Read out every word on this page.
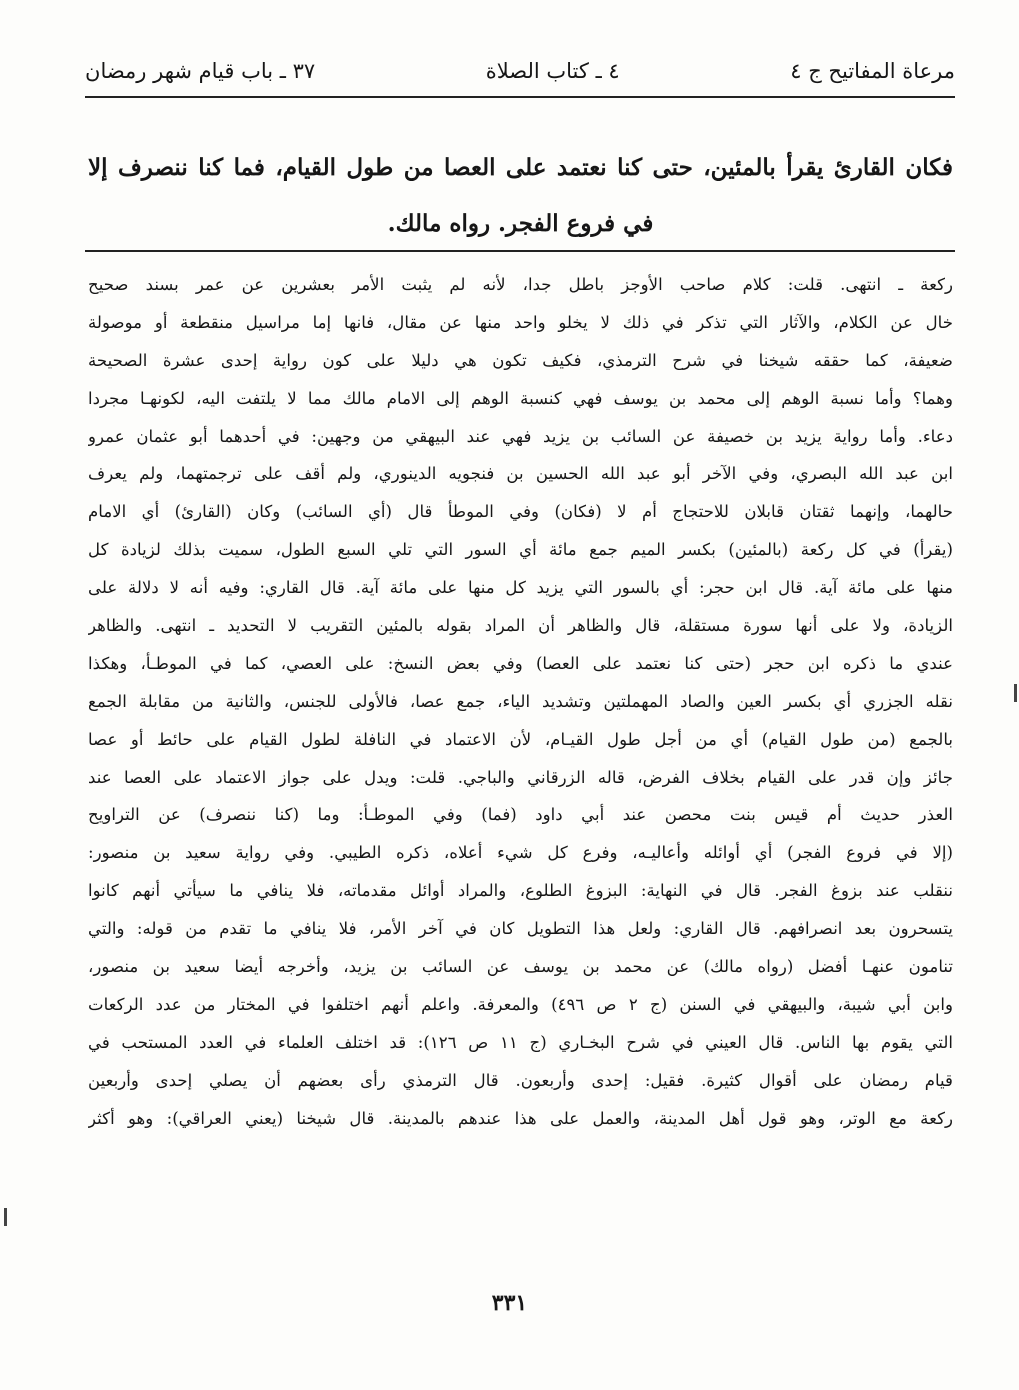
مرعاة المفاتيح ج ٤
٤ ـ كتاب الصلاة
٣٧ ـ باب قيام شهر رمضان

فكان القارئ يقرأ بالمئين، حتى كنا نعتمد على العصا من طول القيام، فما كنا ننصرف إلا في فروع الفجر. رواه مالك.

ركعة ـ انتهى. قلت: كلام صاحب الأوجز باطل جدا، لأنه لم يثبت الأمر بعشرين عن عمر بسند صحيح
خال عن الكلام، والآثار التي تذكر في ذلك لا يخلو واحد منها عن مقال، فانها إما مراسيل منقطعة أو موصولة
ضعيفة، كما حققه شيخنا في شرح الترمذي، فكيف تكون هي دليلا على كون رواية إحدى عشرة الصحيحة
وهما؟ وأما نسبة الوهم إلى محمد بن يوسف فهي كنسبة الوهم إلى الامام مالك مما لا يلتفت اليه، لكونهـا مجردا
دعاء. وأما رواية يزيد بن خصيفة عن السائب بن يزيد فهي عند البيهقي من وجهين: في أحدهما أبو عثمان عمرو
ابن عبد الله البصري، وفي الآخر أبو عبد الله الحسين بن فنجويه الدينوري، ولم أقف على ترجمتهما، ولم يعرف
حالهما، وإنهما ثقتان قابلان للاحتجاج أم لا (فكان) وفي الموطأ قال (أي السائب) وكان (القارئ) أي الامام
(يقرأ) في كل ركعة (بالمئين) بكسر الميم جمع مائة أي السور التي تلي السبع الطول، سميت بذلك لزيادة كل
منها على مائة آية. قال ابن حجر: أي بالسور التي يزيد كل منها على مائة آية. قال القاري: وفيه أنه لا دلالة على
الزيادة، ولا على أنها سورة مستقلة، قال والظاهر أن المراد بقوله بالمئين التقريب لا التحديد ـ انتهى. والظاهر
عندي ما ذكره ابن حجر (حتى كنا نعتمد على العصا) وفي بعض النسخ: على العصي، كما في الموطـأ، وهكذا
نقله الجزري أي بكسر العين والصاد المهملتين وتشديد الياء، جمع عصا، فالأولى للجنس، والثانية من مقابلة الجمع
بالجمع (من طول القيام) أي من أجل طول القيـام، لأن الاعتماد في النافلة لطول القيام على حائط أو عصا
جائز وإن قدر على القيام بخلاف الفرض، قاله الزرقاني والباجي. قلت: ويدل على جواز الاعتماد على العصا عند
العذر حديث أم قيس بنت محصن عند أبي داود (فما) وفي الموطـأ: وما (كنا ننصرف) عن التراويح
(إلا في فروع الفجر) أي أوائله وأعاليـه، وفرع كل شيء أعلاه، ذكره الطيبي. وفي رواية سعيد بن منصور:
ننقلب عند بزوغ الفجر. قال في النهاية: البزوغ الطلوع، والمراد أوائل مقدماته، فلا ينافي ما سيأتي أنهم كانوا
يتسحرون بعد انصرافهم. قال القاري: ولعل هذا التطويل كان في آخر الأمر، فلا ينافي ما تقدم من قوله: والتي
تنامون عنهـا أفضل (رواه مالك) عن محمد بن يوسف عن السائب بن يزيد، وأخرجه أيضا سعيد بن منصور،
وابن أبي شيبة، والبيهقي في السنن (ج ٢ ص ٤٩٦) والمعرفة. واعلم أنهم اختلفوا في المختار من عدد الركعات
التي يقوم بها الناس. قال العيني في شرح البخـاري (ج ١١ ص ١٢٦): قد اختلف العلماء في العدد المستحب في
قيام رمضان على أقوال كثيرة. فقيل: إحدى وأربعون. قال الترمذي رأى بعضهم أن يصلي إحدى وأربعين
ركعة مع الوتر، وهو قول أهل المدينة، والعمل على هذا عندهم بالمدينة. قال شيخنا (يعني العراقي): وهو أكثر
٣٣١
